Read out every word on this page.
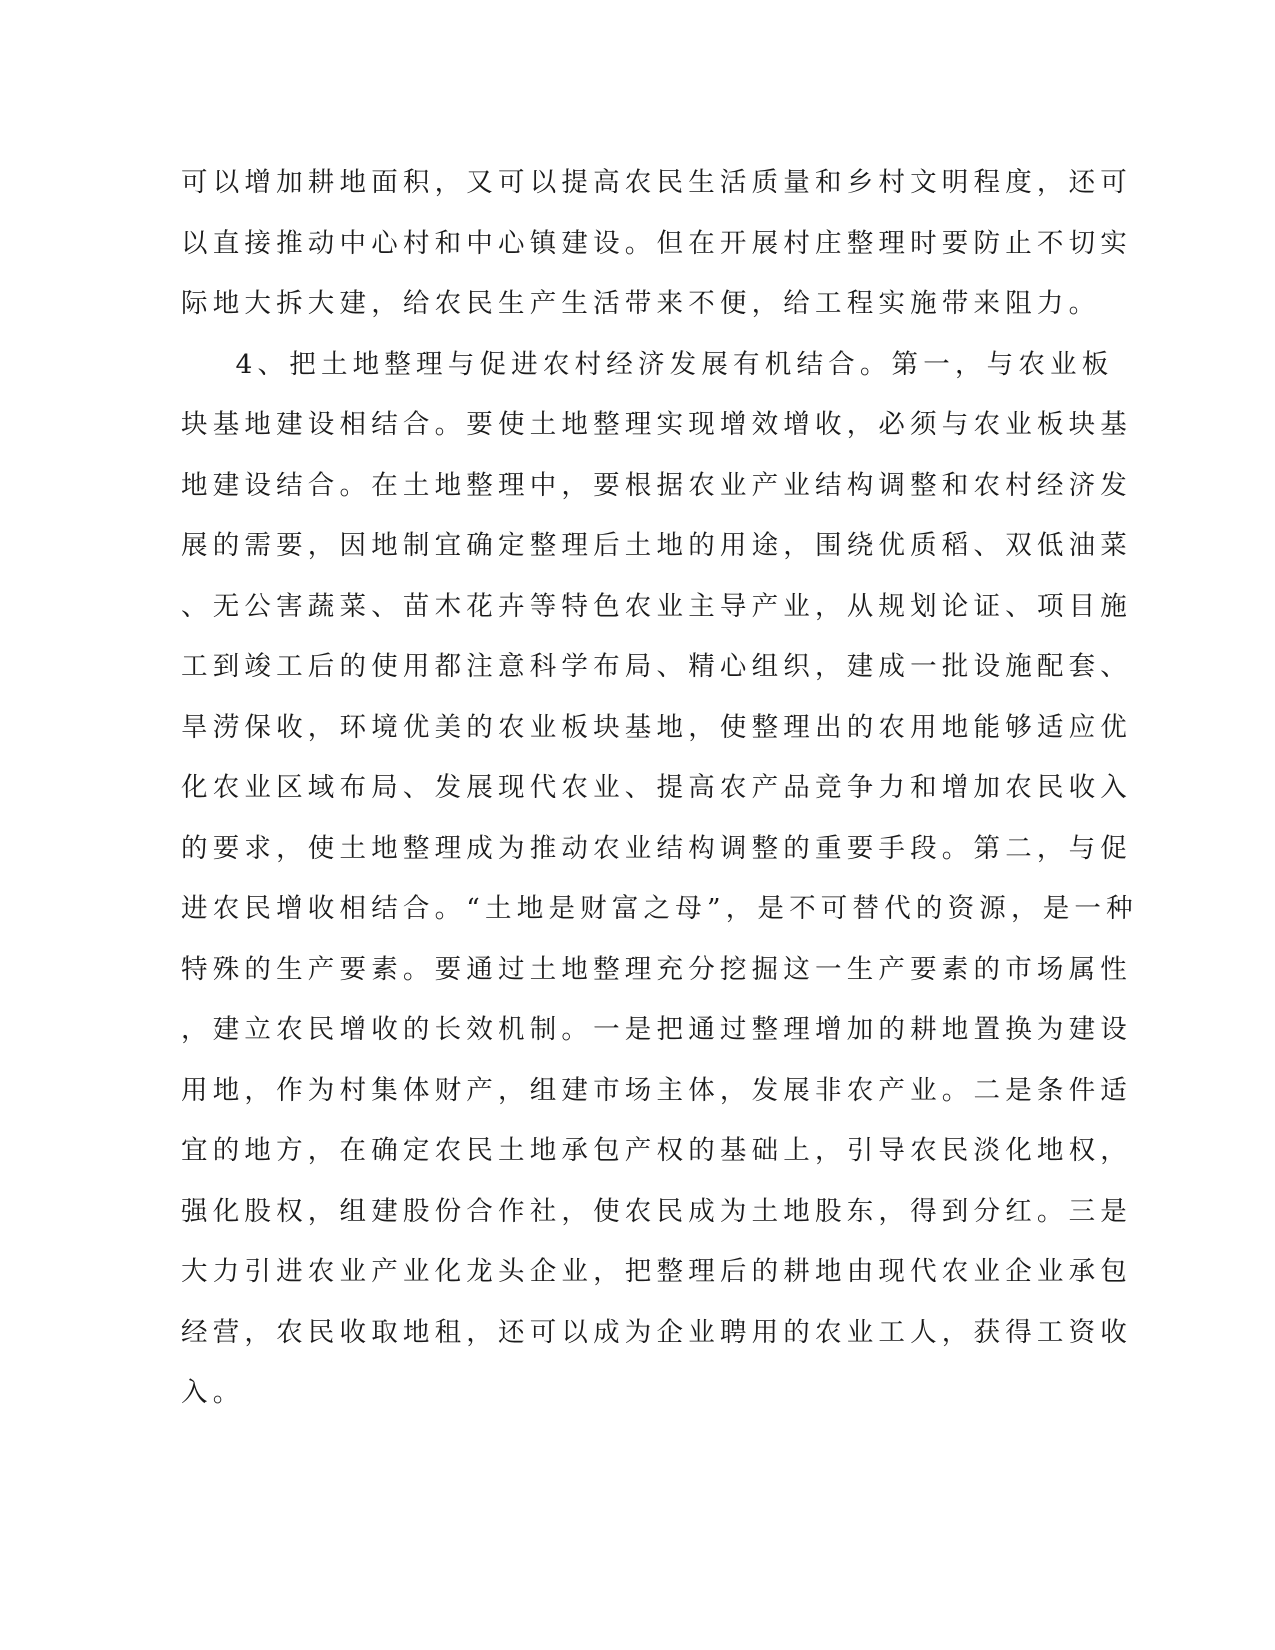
可以增加耕地面积，又可以提高农民生活质量和乡村文明程度，还可
以直接推动中心村和中心镇建设。但在开展村庄整理时要防止不切实
际地大拆大建，给农民生产生活带来不便，给工程实施带来阻力。
4、把土地整理与促进农村经济发展有机结合。第一，与农业板
块基地建设相结合。要使土地整理实现增效增收，必须与农业板块基
地建设结合。在土地整理中，要根据农业产业结构调整和农村经济发
展的需要，因地制宜确定整理后土地的用途，围绕优质稻、双低油菜
、无公害蔬菜、苗木花卉等特色农业主导产业，从规划论证、项目施
工到竣工后的使用都注意科学布局、精心组织，建成一批设施配套、
旱涝保收，环境优美的农业板块基地，使整理出的农用地能够适应优
化农业区域布局、发展现代农业、提高农产品竞争力和增加农民收入
的要求，使土地整理成为推动农业结构调整的重要手段。第二，与促
进农民增收相结合。“土地是财富之母”，是不可替代的资源，是一种
特殊的生产要素。要通过土地整理充分挖掘这一生产要素的市场属性
，建立农民增收的长效机制。一是把通过整理增加的耕地置换为建设
用地，作为村集体财产，组建市场主体，发展非农产业。二是条件适
宜的地方，在确定农民土地承包产权的基础上，引导农民淡化地权，
强化股权，组建股份合作社，使农民成为土地股东，得到分红。三是
大力引进农业产业化龙头企业，把整理后的耕地由现代农业企业承包
经营，农民收取地租，还可以成为企业聘用的农业工人，获得工资收
入。
